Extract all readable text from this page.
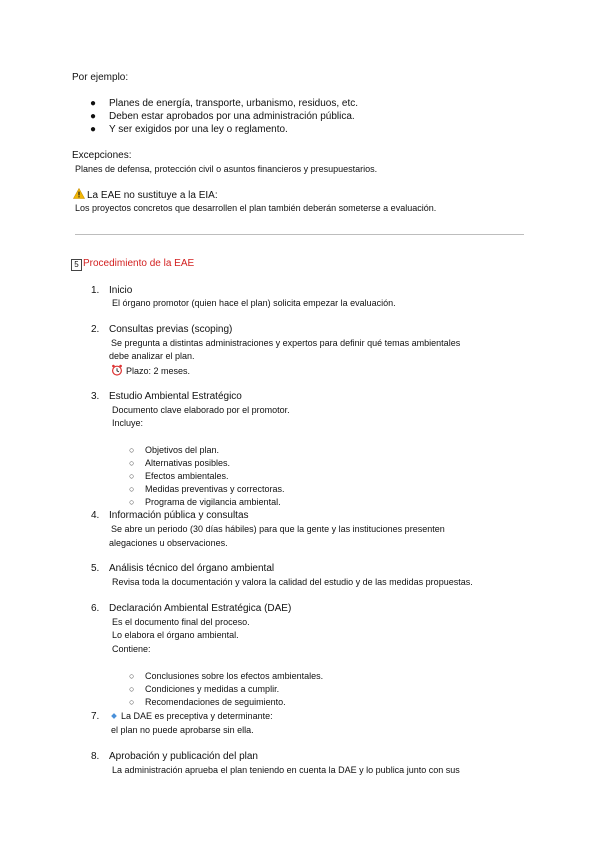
Por ejemplo:
● Planes de energía, transporte, urbanismo, residuos, etc.
● Deben estar aprobados por una administración pública.
● Y ser exigidos por una ley o reglamento.
Excepciones:
Planes de defensa, protección civil o asuntos financieros y presupuestarios.
La EAE no sustituye a la EIA:
Los proyectos concretos que desarrollen el plan también deberán someterse a evaluación.
5 Procedimiento de la EAE
1. Inicio
El órgano promotor (quien hace el plan) solicita empezar la evaluación.
2. Consultas previas (scoping)
Se pregunta a distintas administraciones y expertos para definir qué temas ambientales
debe analizar el plan.
Plazo: 2 meses.
3. Estudio Ambiental Estratégico
Documento clave elaborado por el promotor.
Incluye:
○ Objetivos del plan.
○ Alternativas posibles.
○ Efectos ambientales.
○ Medidas preventivas y correctoras.
○ Programa de vigilancia ambiental.
4. Información pública y consultas
Se abre un periodo (30 días hábiles) para que la gente y las instituciones presenten
alegaciones u observaciones.
5. Análisis técnico del órgano ambiental
Revisa toda la documentación y valora la calidad del estudio y de las medidas propuestas.
6. Declaración Ambiental Estratégica (DAE)
Es el documento final del proceso.
Lo elabora el órgano ambiental.
Contiene:
○ Conclusiones sobre los efectos ambientales.
○ Condiciones y medidas a cumplir.
○ Recomendaciones de seguimiento.
7.	La DAE es preceptiva y determinante:
el plan no puede aprobarse sin ella.
8. Aprobación y publicación del plan
La administración aprueba el plan teniendo en cuenta la DAE y lo publica junto con sus
